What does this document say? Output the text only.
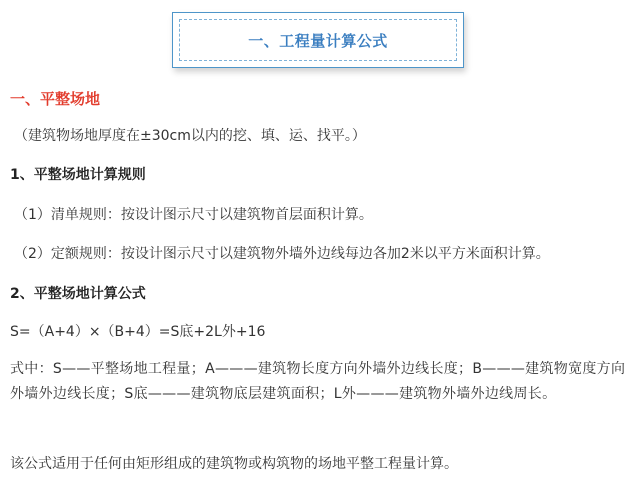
一、工程量计算公式
一、平整场地
（建筑物场地厚度在±30cm以内的挖、填、运、找平。）
1、平整场地计算规则
（1）清单规则：按设计图示尺寸以建筑物首层面积计算。
（2）定额规则：按设计图示尺寸以建筑物外墙外边线每边各加2米以平方米面积计算。
2、平整场地计算公式
S=（A+4）×（B+4）=S底+2L外+16
式中：S——平整场地工程量；A———建筑物长度方向外墙外边线长度；B———建筑物宽度方向外墙外边线长度；S底———建筑物底层建筑面积；L外———建筑物外墙外边线周长。
该公式适用于任何由矩形组成的建筑物或构筑物的场地平整工程量计算。
